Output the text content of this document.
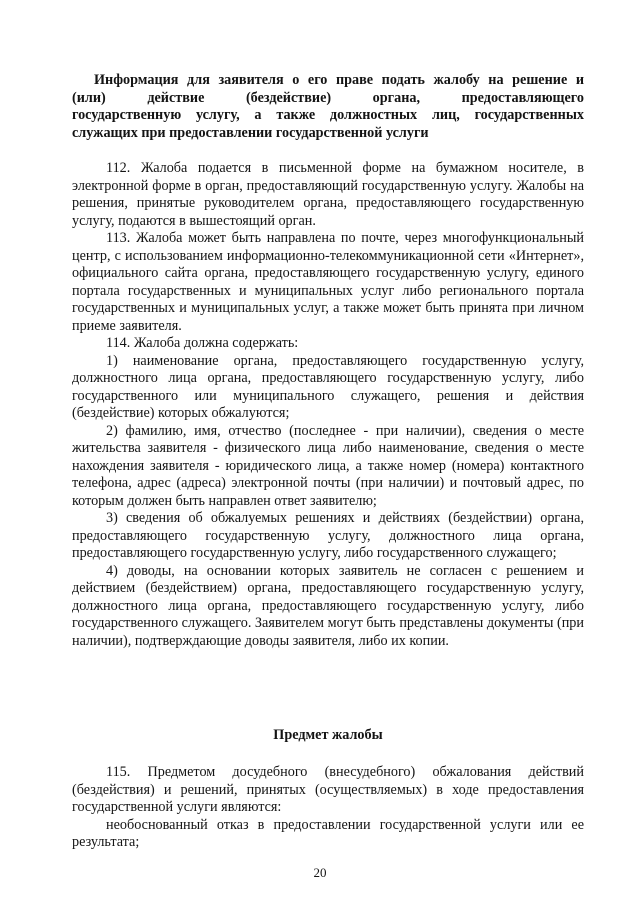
Информация для заявителя о его праве подать жалобу на решение и
(или) действие (бездействие) органа, предоставляющего
государственную услугу, а также должностных лиц, государственных
служащих при предоставлении государственной услуги

112. Жалоба подается в письменной форме на бумажном носителе, в электронной форме в орган, предоставляющий государственную услугу. Жалобы на решения, принятые руководителем органа, предоставляющего государственную услугу, подаются в вышестоящий орган.

113. Жалоба может быть направлена по почте, через многофункциональный центр, с использованием информационно-телекоммуникационной сети «Интернет», официального сайта органа, предоставляющего государственную услугу, единого портала государственных и муниципальных услуг либо регионального портала государственных и муниципальных услуг, а также может быть принята при личном приеме заявителя.

114. Жалоба должна содержать:

1) наименование органа, предоставляющего государственную услугу, должностного лица органа, предоставляющего государственную услугу, либо государственного или муниципального служащего, решения и действия (бездействие) которых обжалуются;

2) фамилию, имя, отчество (последнее - при наличии), сведения о месте жительства заявителя - физического лица либо наименование, сведения о месте нахождения заявителя - юридического лица, а также номер (номера) контактного телефона, адрес (адреса) электронной почты (при наличии) и почтовый адрес, по которым должен быть направлен ответ заявителю;

3) сведения об обжалуемых решениях и действиях (бездействии) органа, предоставляющего государственную услугу, должностного лица органа, предоставляющего государственную услугу, либо государственного служащего;

4) доводы, на основании которых заявитель не согласен с решением и действием (бездействием) органа, предоставляющего государственную услугу, должностного лица органа, предоставляющего государственную услугу, либо государственного служащего. Заявителем могут быть представлены документы (при наличии), подтверждающие доводы заявителя, либо их копии.

Предмет жалобы

115. Предметом досудебного (внесудебного) обжалования действий (бездействия) и решений, принятых (осуществляемых) в ходе предоставления государственной услуги являются:

необоснованный отказ в предоставлении государственной услуги или ее результата;

20
